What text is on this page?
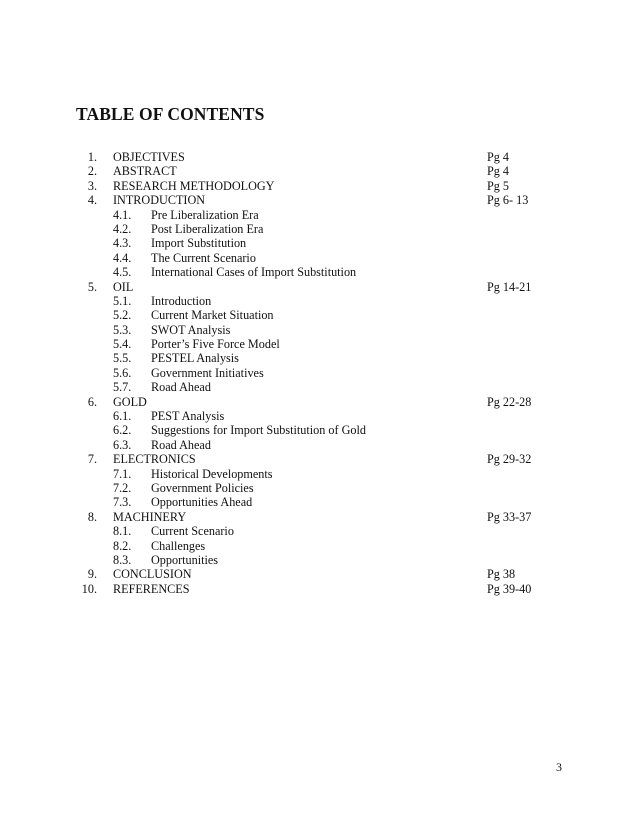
TABLE OF CONTENTS
1. OBJECTIVES	Pg 4
2. ABSTRACT	Pg 4
3. RESEARCH METHODOLOGY	Pg 5
4. INTRODUCTION	Pg 6- 13
4.1. Pre Liberalization Era
4.2. Post Liberalization Era
4.3. Import Substitution
4.4. The Current Scenario
4.5. International Cases of Import Substitution
5. OIL	Pg 14-21
5.1. Introduction
5.2. Current Market Situation
5.3. SWOT Analysis
5.4. Porter’s Five Force Model
5.5. PESTEL Analysis
5.6. Government Initiatives
5.7. Road Ahead
6. GOLD	Pg 22-28
6.1. PEST Analysis
6.2. Suggestions for Import Substitution of Gold
6.3. Road Ahead
7. ELECTRONICS	Pg 29-32
7.1. Historical Developments
7.2. Government Policies
7.3. Opportunities Ahead
8. MACHINERY	Pg 33-37
8.1. Current Scenario
8.2. Challenges
8.3. Opportunities
9. CONCLUSION	Pg 38
10. REFERENCES	Pg 39-40
3
